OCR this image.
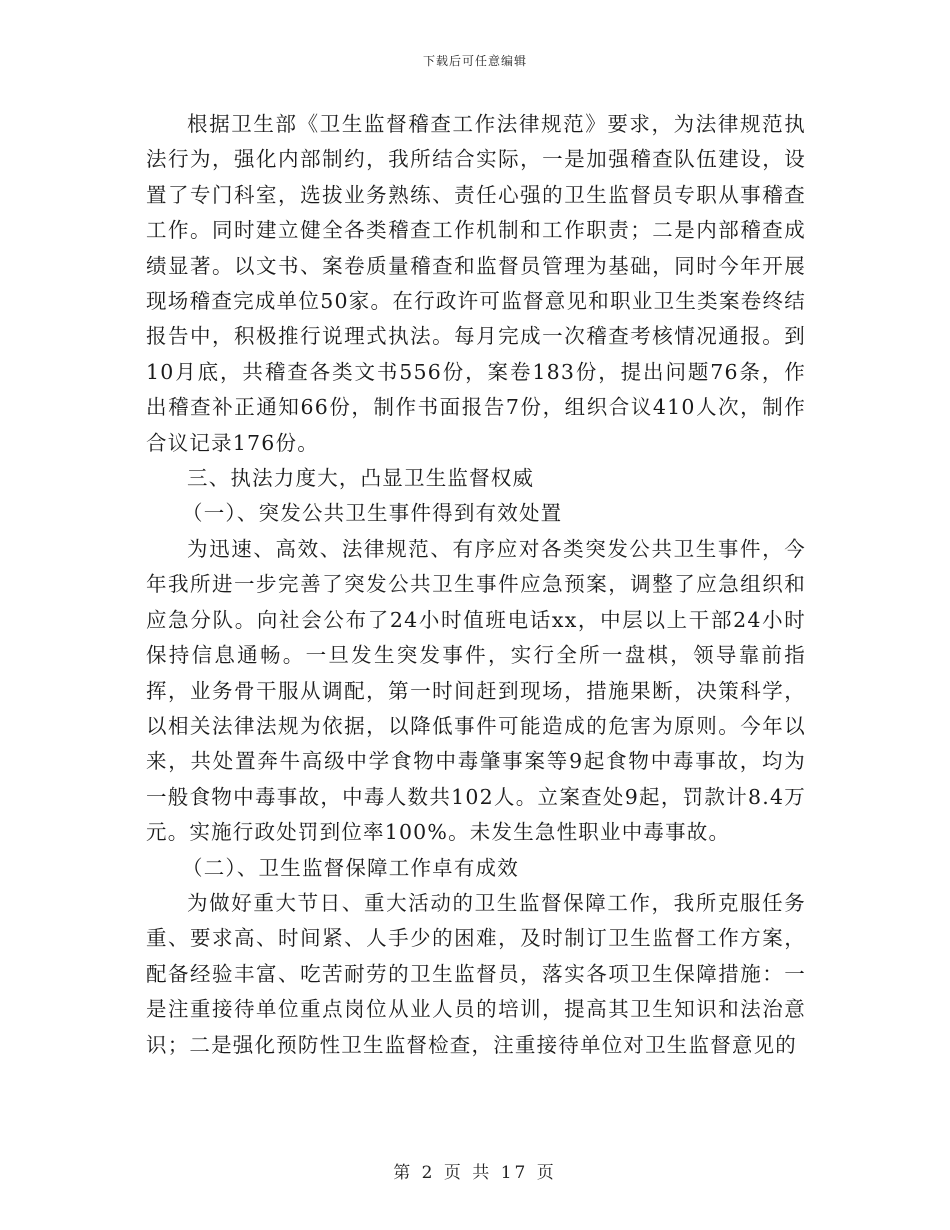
下载后可任意编辑

根据卫生部《卫生监督稽查工作法律规范》要求，为法律规范执法行为，强化内部制约，我所结合实际，一是加强稽查队伍建设，设置了专门科室，选拔业务熟练、责任心强的卫生监督员专职从事稽查工作。同时建立健全各类稽查工作机制和工作职责；二是内部稽查成绩显著。以文书、案卷质量稽查和监督员管理为基础，同时今年开展现场稽查完成单位50家。在行政许可监督意见和职业卫生类案卷终结报告中，积极推行说理式执法。每月完成一次稽查考核情况通报。到10月底，共稽查各类文书556份，案卷183份，提出问题76条，作出稽查补正通知66份，制作书面报告7份，组织合议410人次，制作合议记录176份。

三、执法力度大，凸显卫生监督权威

（一）、突发公共卫生事件得到有效处置

为迅速、高效、法律规范、有序应对各类突发公共卫生事件，今年我所进一步完善了突发公共卫生事件应急预案，调整了应急组织和应急分队。向社会公布了24小时值班电话xx，中层以上干部24小时保持信息通畅。一旦发生突发事件，实行全所一盘棋，领导靠前指挥，业务骨干服从调配，第一时间赶到现场，措施果断，决策科学，以相关法律法规为依据，以降低事件可能造成的危害为原则。今年以来，共处置奔牛高级中学食物中毒肇事案等9起食物中毒事故，均为一般食物中毒事故，中毒人数共102人。立案查处9起，罚款计8.4万元。实施行政处罚到位率100%。未发生急性职业中毒事故。

（二）、卫生监督保障工作卓有成效

为做好重大节日、重大活动的卫生监督保障工作，我所克服任务重、要求高、时间紧、人手少的困难，及时制订卫生监督工作方案，配备经验丰富、吃苦耐劳的卫生监督员，落实各项卫生保障措施：一是注重接待单位重点岗位从业人员的培训，提高其卫生知识和法治意识；二是强化预防性卫生监督检查，注重接待单位对卫生监督意见的

第 2 页 共 17 页
